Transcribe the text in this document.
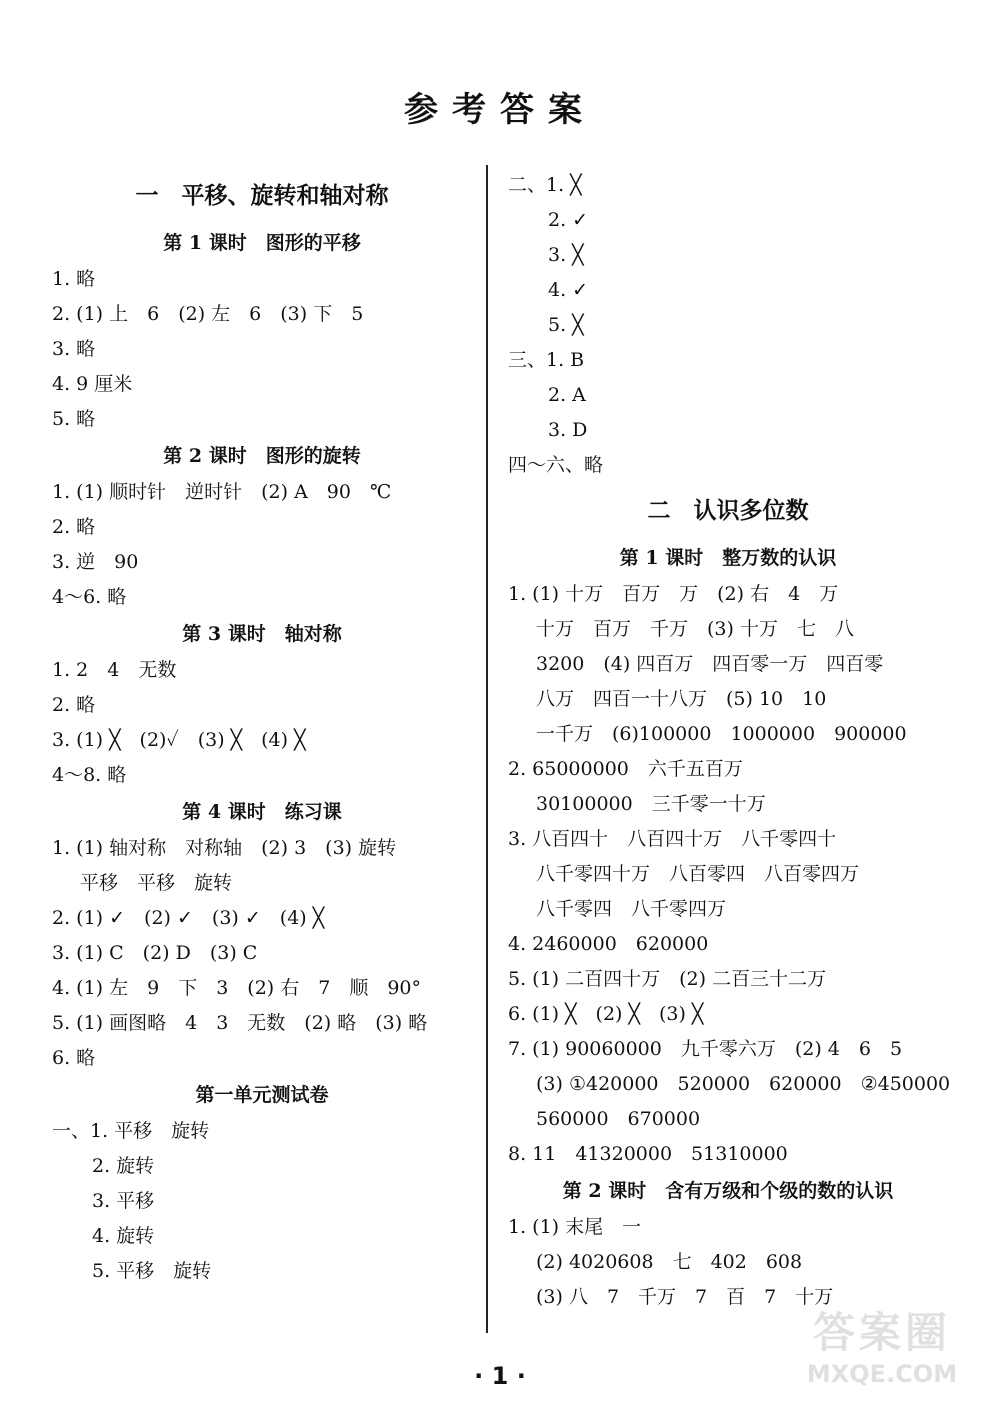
参考答案
一　平移、旋转和轴对称
第 1 课时　图形的平移
1. 略
2. (1) 上　6　(2) 左　6　(3) 下　5
3. 略
4. 9 厘米
5. 略
第 2 课时　图形的旋转
1. (1) 顺时针　逆时针　(2) A　90　℃
2. 略
3. 逆　90
4～6. 略
第 3 课时　轴对称
1. 2　4　无数
2. 略
3. (1) ╳　(2)✓　(3) ╳　(4) ╳
4～8. 略
第 4 课时　练习课
1. (1) 轴对称　对称轴　(2) 3　(3) 旋转
平移　平移　旋转
2. (1) ✓　(2) ✓　(3) ✓　(4) ╳
3. (1) C　(2) D　(3) C
4. (1) 左　9　下　3　(2) 右　7　顺　90°
5. (1) 画图略　4　3　无数　(2) 略　(3) 略
6. 略
第一单元测试卷
一、1. 平移　旋转
2. 旋转
3. 平移
4. 旋转
5. 平移　旋转
二、1. ╳
2. ✓
3. ╳
4. ✓
5. ╳
三、1. B
2. A
3. D
四～六、略
二　认识多位数
第 1 课时　整万数的认识
1. (1) 十万　百万　万　(2) 右　4　万
十万　百万　千万　(3) 十万　七　八
3200　(4) 四百万　四百零一万　四百零
八万　四百一十八万　(5) 10　10
一千万　(6)100000　1000000　900000
2. 65000000　六千五百万
30100000　三千零一十万
3. 八百四十　八百四十万　八千零四十
八千零四十万　八百零四　八百零四万
八千零四　八千零四万
4. 2460000　620000
5. (1) 二百四十万　(2) 二百三十二万
6. (1) ╳　(2) ╳　(3) ╳
7. (1) 90060000　九千零六万　(2) 4　6　5
(3) ①420000　520000　620000　②450000
560000　670000
8. 11　41320000　51310000
第 2 课时　含有万级和个级的数的认识
1. (1) 末尾　一
(2) 4020608　七　402　608
(3) 八　7　千万　7　百　7　十万
· 1 ·
答案圈
MXQE.COM
